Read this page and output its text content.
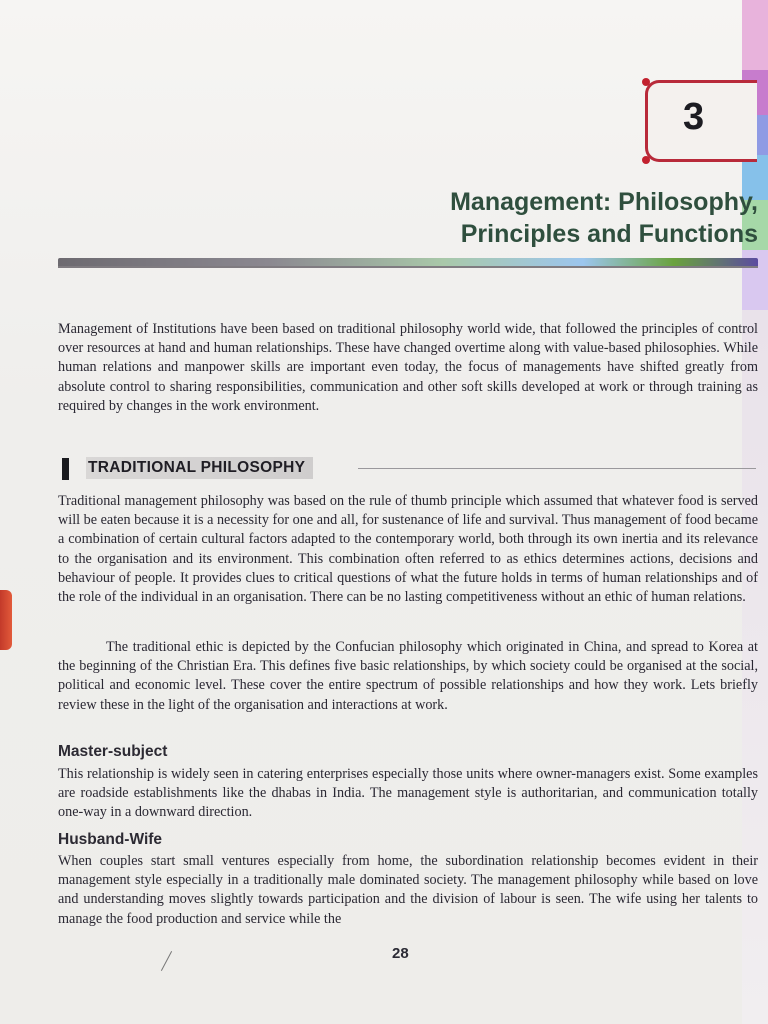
3
Management: Philosophy,
Principles and Functions

Management of Institutions have been based on traditional philosophy world wide, that followed the principles of control over resources at hand and human relationships. These have changed overtime along with value-based philosophies. While human relations and manpower skills are important even today, the focus of managements have shifted greatly from absolute control to sharing responsibilities, communication and other soft skills developed at work or through training as required by changes in the work environment.

TRADITIONAL PHILOSOPHY

Traditional management philosophy was based on the rule of thumb principle which assumed that whatever food is served will be eaten because it is a necessity for one and all, for sustenance of life and survival. Thus management of food became a combination of certain cultural factors adapted to the contemporary world, both through its own inertia and its relevance to the organisation and its environment. This combination often referred to as ethics determines actions, decisions and behaviour of people. It provides clues to critical questions of what the future holds in terms of human relationships and of the role of the individual in an organisation. There can be no lasting competitiveness without an ethic of human relations.

The traditional ethic is depicted by the Confucian philosophy which originated in China, and spread to Korea at the beginning of the Christian Era. This defines five basic relationships, by which society could be organised at the social, political and economic level. These cover the entire spectrum of possible relationships and how they work. Lets briefly review these in the light of the organisation and interactions at work.

Master-subject

This relationship is widely seen in catering enterprises especially those units where owner-managers exist. Some examples are roadside establishments like the dhabas in India. The management style is authoritarian, and communication totally one-way in a downward direction.

Husband-Wife

When couples start small ventures especially from home, the subordination relationship becomes evident in their management style especially in a traditionally male dominated society. The management philosophy while based on love and understanding moves slightly towards participation and the division of labour is seen. The wife using her talents to manage the food production and service while the

28
